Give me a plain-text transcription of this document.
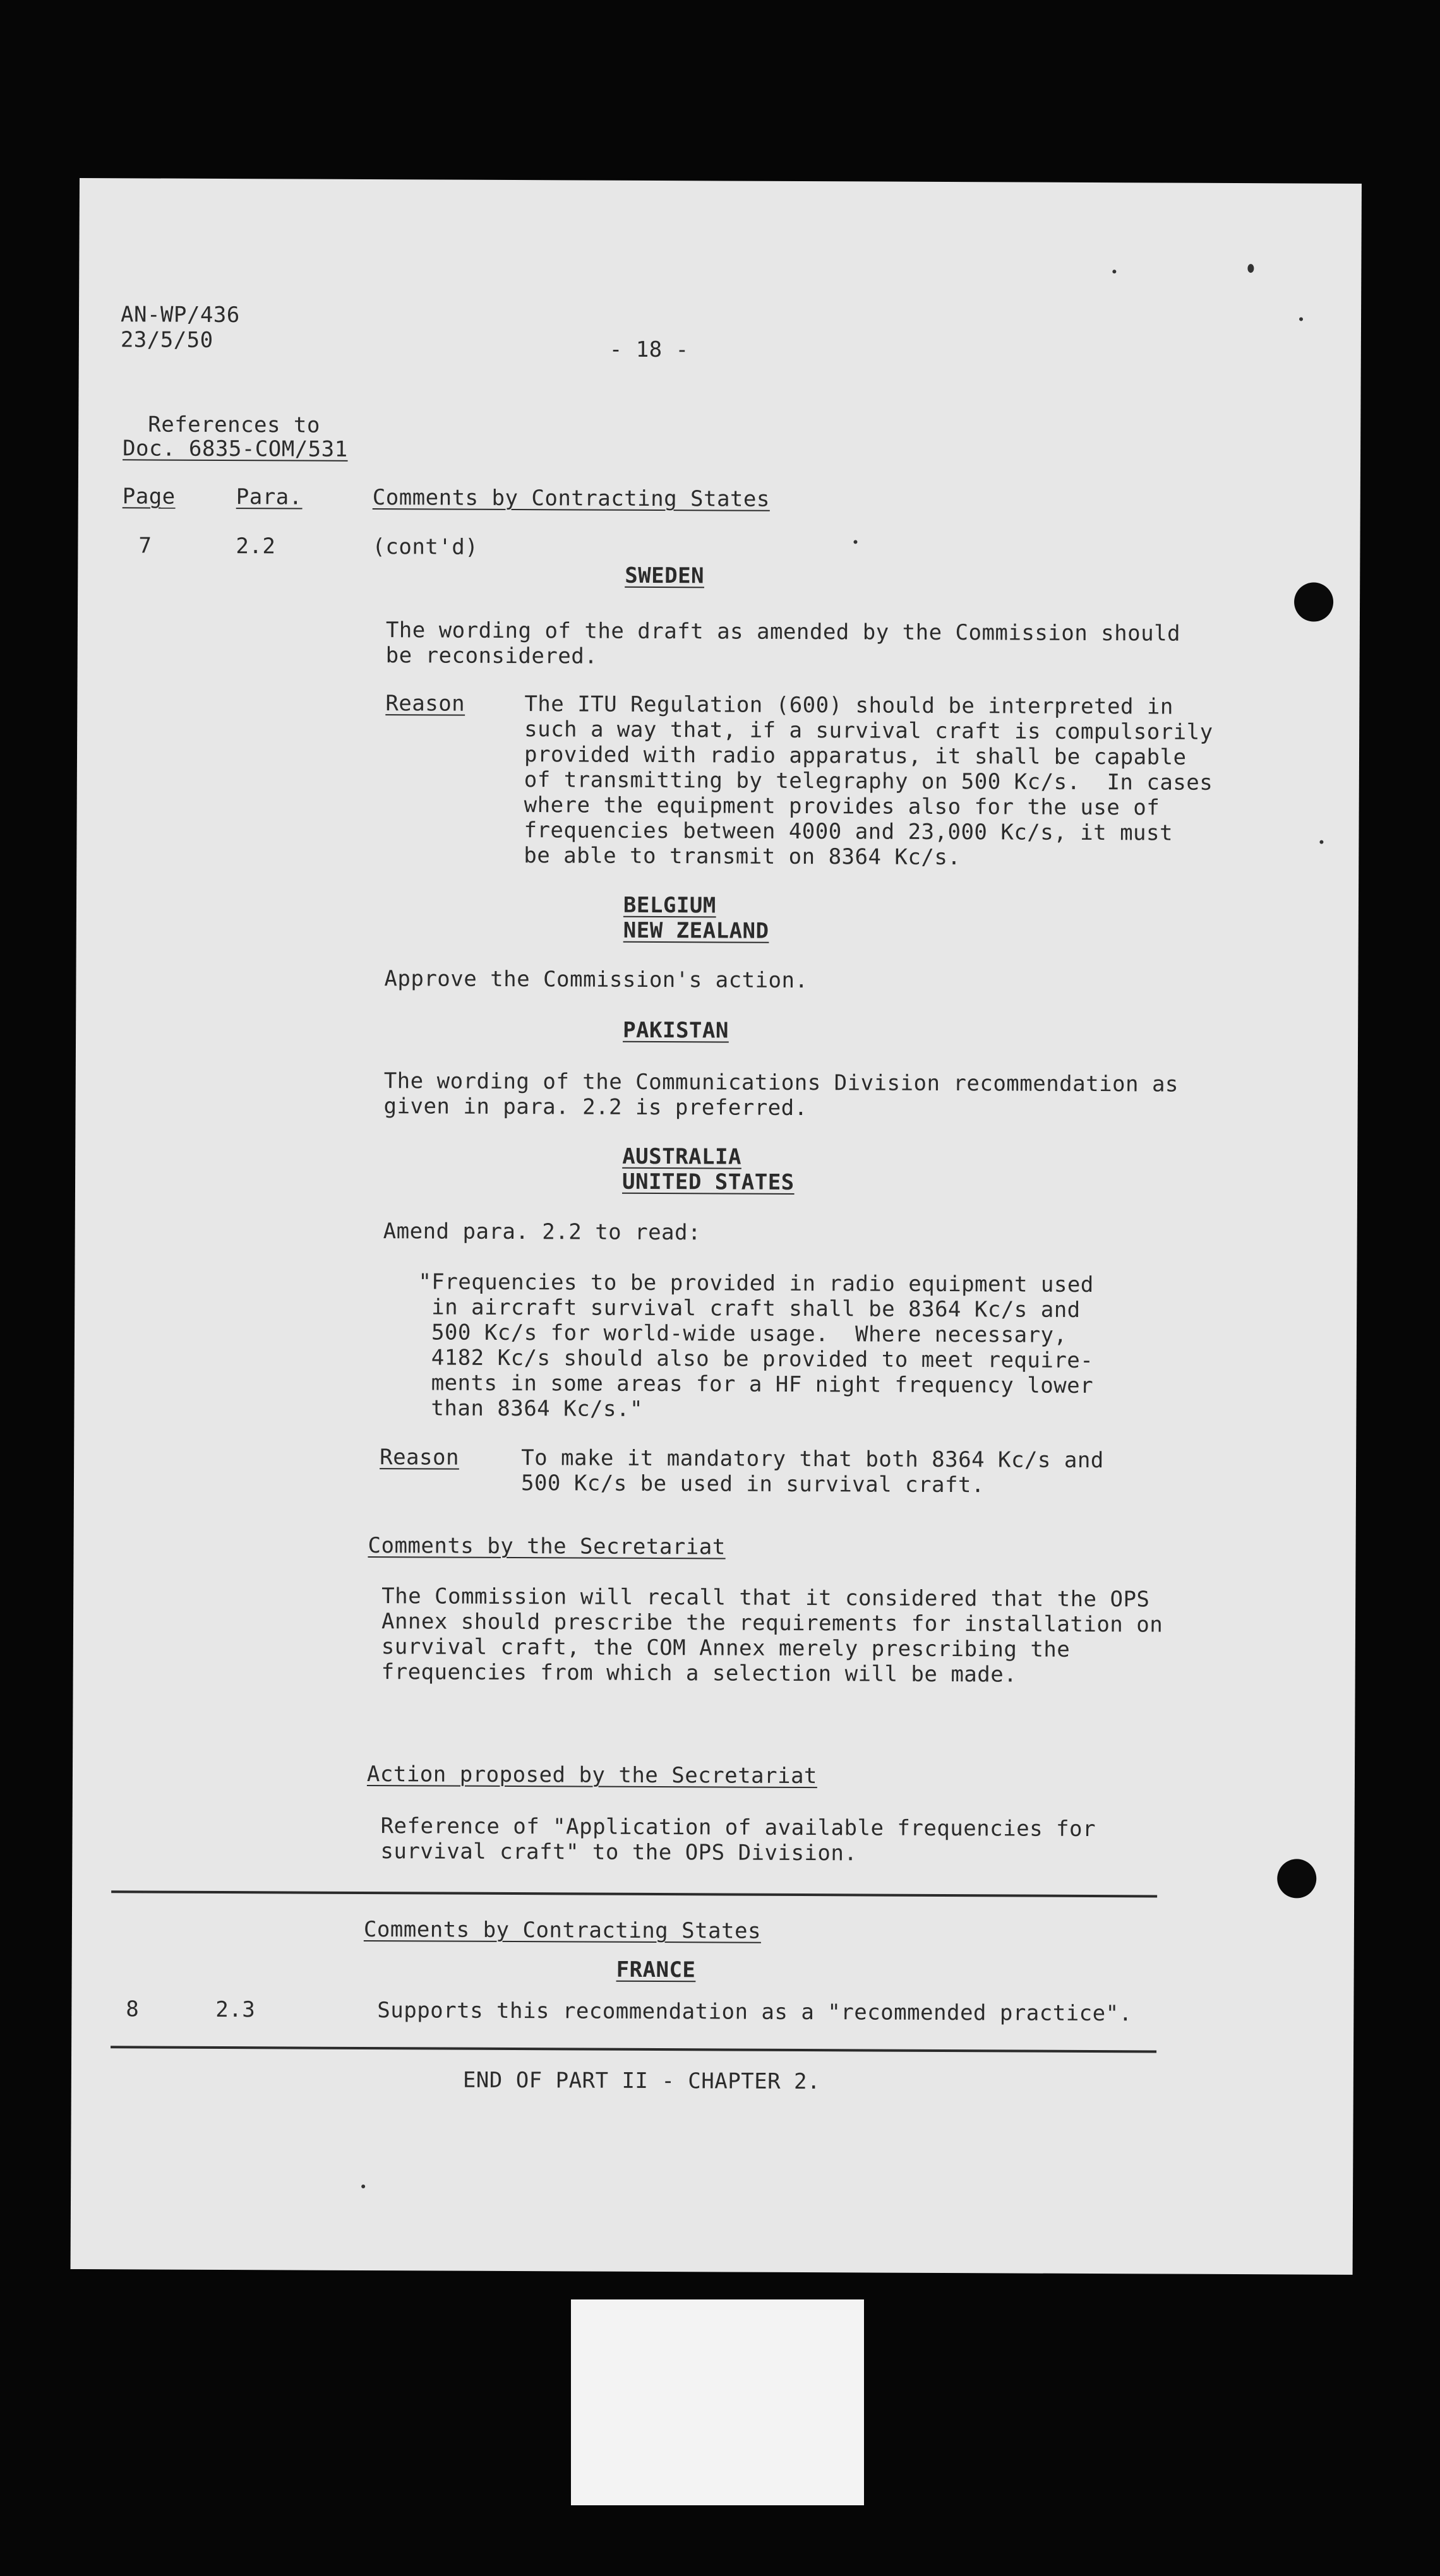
AN-WP/436
23/5/50	- 18 -
References to
Doc. 6835-COM/531
Page	Para.	Comments by Contracting States
7	2.2	(cont'd)
SWEDEN
The wording of the draft as amended by the Commission should
be reconsidered.
Reason	The ITU Regulation (600) should be interpreted in
such a way that, if a survival craft is compulsorily
provided with radio apparatus, it shall be capable
of transmitting by telegraphy on 500 Kc/s.  In cases
where the equipment provides also for the use of
frequencies between 4000 and 23,000 Kc/s, it must
be able to transmit on 8364 Kc/s.
BELGIUM
NEW ZEALAND
Approve the Commission's action.
PAKISTAN
The wording of the Communications Division recommendation as
given in para. 2.2 is preferred.
AUSTRALIA
UNITED STATES
Amend para. 2.2 to read:
"Frequencies to be provided in radio equipment used
in aircraft survival craft shall be 8364 Kc/s and
500 Kc/s for world-wide usage.  Where necessary,
4182 Kc/s should also be provided to meet require-
ments in some areas for a HF night frequency lower
than 8364 Kc/s."
Reason	To make it mandatory that both 8364 Kc/s and
500 Kc/s be used in survival craft.
Comments by the Secretariat
The Commission will recall that it considered that the OPS
Annex should prescribe the requirements for installation on
survival craft, the COM Annex merely prescribing the
frequencies from which a selection will be made.
Action proposed by the Secretariat
Reference of "Application of available frequencies for
survival craft" to the OPS Division.
Comments by Contracting States
FRANCE
8	2.3	Supports this recommendation as a "recommended practice".
END OF PART II - CHAPTER 2.
